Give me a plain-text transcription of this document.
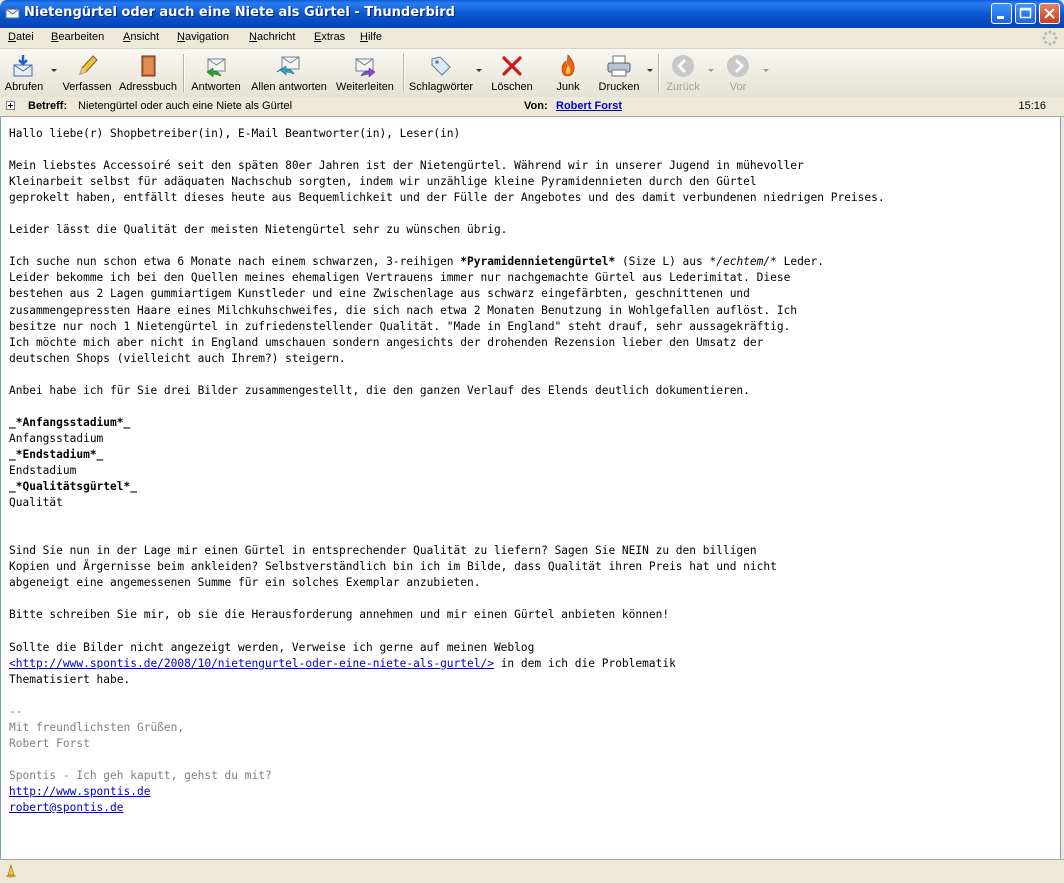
Nietengürtel oder auch eine Niete als Gürtel - Thunderbird
Datei Bearbeiten Ansicht Navigation Nachricht Extras Hilfe
Abrufen Verfassen Adressbuch Antworten Allen antworten Weiterleiten Schlagwörter Löschen	Junk	Drucken	Zurück	Vor
Betreff: Nietengürtel oder auch eine Niete als Gürtel	Von: Robert Forst	15:16
Hallo liebe(r) Shopbetreiber(in), E-Mail Beantworter(in), Leser(in)

Mein liebstes Accessoiré seit den späten 80er Jahren ist der Nietengürtel. Während wir in unserer Jugend in mühevoller
Kleinarbeit selbst für adäquaten Nachschub sorgten, indem wir unzählige kleine Pyramidennieten durch den Gürtel
geprokelt haben, entfällt dieses heute aus Bequemlichkeit und der Fülle der Angebotes und des damit verbundenen niedrigen Preises.

Leider lässt die Qualität der meisten Nietengürtel sehr zu wünschen übrig.

Ich suche nun schon etwa 6 Monate nach einem schwarzen, 3-reihigen *Pyramidennietengürtel* (Size L) aus */echtem/* Leder.
Leider bekomme ich bei den Quellen meines ehemaligen Vertrauens immer nur nachgemachte Gürtel aus Lederimitat. Diese
bestehen aus 2 Lagen gummiartigem Kunstleder und eine Zwischenlage aus schwarz eingefärbten, geschnittenen und
zusammengepressten Haare eines Milchkuhschweifes, die sich nach etwa 2 Monaten Benutzung in Wohlgefallen auflöst. Ich
besitze nur noch 1 Nietengürtel in zufriedenstellender Qualität. "Made in England" steht drauf, sehr aussagekräftig.
Ich möchte mich aber nicht in England umschauen sondern angesichts der drohenden Rezension lieber den Umsatz der
deutschen Shops (vielleicht auch Ihrem?) steigern.

Anbei habe ich für Sie drei Bilder zusammengestellt, die den ganzen Verlauf des Elends deutlich dokumentieren.

_*Anfangsstadium*_
Anfangsstadium
_*Endstadium*_
Endstadium
_*Qualitätsgürtel*_
Qualität

Sind Sie nun in der Lage mir einen Gürtel in entsprechender Qualität zu liefern? Sagen Sie NEIN zu den billigen
Kopien und Ärgernisse beim ankleiden? Selbstverständlich bin ich im Bilde, dass Qualität ihren Preis hat und nicht
abgeneigt eine angemessenen Summe für ein solches Exemplar anzubieten.

Bitte schreiben Sie mir, ob sie die Herausforderung annehmen und mir einen Gürtel anbieten können!

Sollte die Bilder nicht angezeigt werden, Verweise ich gerne auf meinen Weblog
<http://www.spontis.de/2008/10/nietengurtel-oder-eine-niete-als-gurtel/> in dem ich die Problematik
Thematisiert habe.

--
Mit freundlichsten Grüßen,
Robert Forst

Spontis - Ich geh kaputt, gehst du mit?
http://www.spontis.de
robert@spontis.de
